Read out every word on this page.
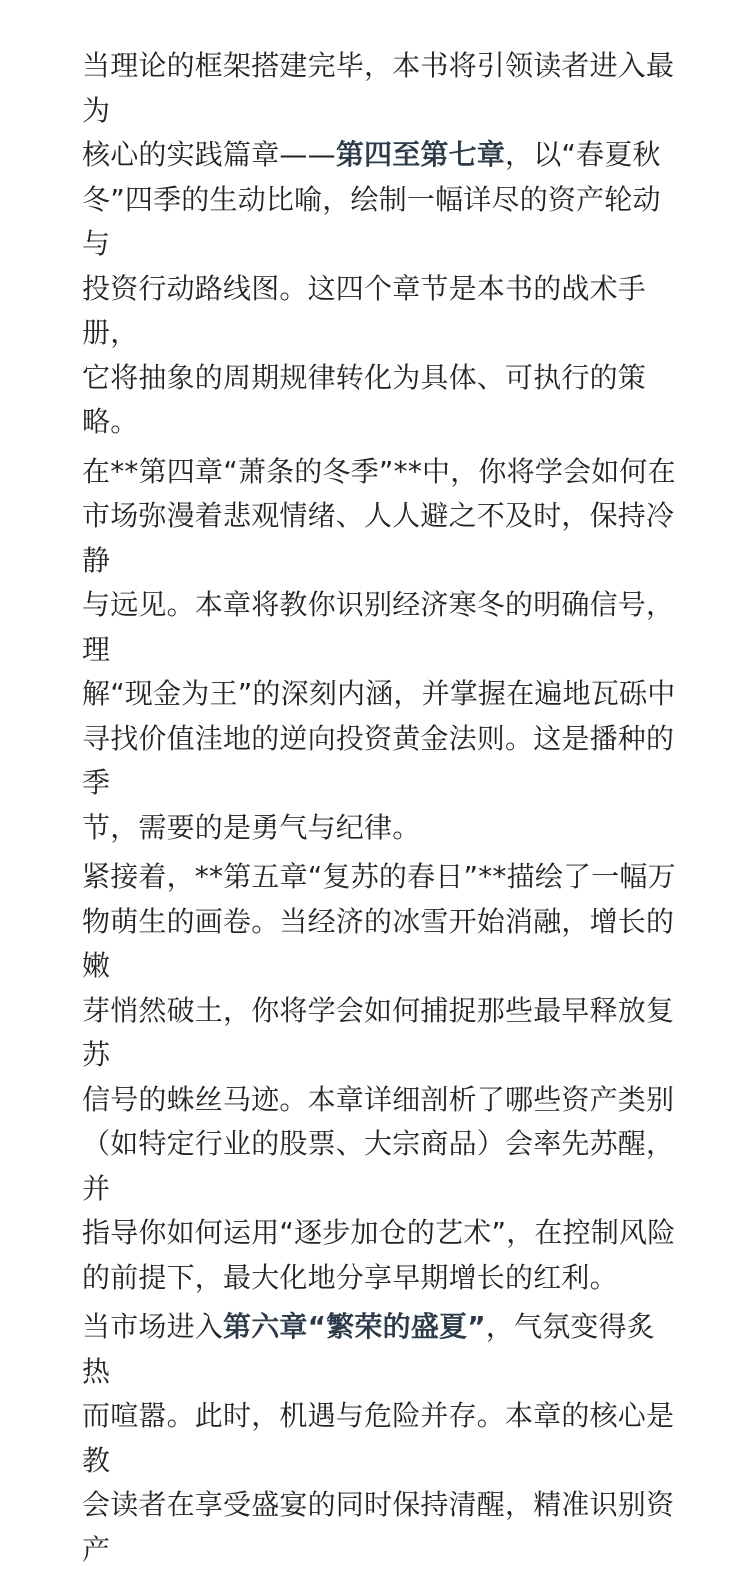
当理论的框架搭建完毕，本书将引领读者进入最为
核心的实践篇章——第四至第七章，以“春夏秋
冬”四季的生动比喻，绘制一幅详尽的资产轮动与
投资行动路线图。这四个章节是本书的战术手册，
它将抽象的周期规律转化为具体、可执行的策略。
在**第四章“萧条的冬季”**中，你将学会如何在
市场弥漫着悲观情绪、人人避之不及时，保持冷静
与远见。本章将教你识别经济寒冬的明确信号，理
解“现金为王”的深刻内涵，并掌握在遍地瓦砾中
寻找价值洼地的逆向投资黄金法则。这是播种的季
节，需要的是勇气与纪律。
紧接着，**第五章“复苏的春日”**描绘了一幅万
物萌生的画卷。当经济的冰雪开始消融，增长的嫩
芽悄然破土，你将学会如何捕捉那些最早释放复苏
信号的蛛丝马迹。本章详细剖析了哪些资产类别
（如特定行业的股票、大宗商品）会率先苏醒，并
指导你如何运用“逐步加仓的艺术”，在控制风险
的前提下，最大化地分享早期增长的红利。
当市场进入第六章“繁荣的盛夏”，气氛变得炙热
而喧嚣。此时，机遇与危险并存。本章的核心是教
会读者在享受盛宴的同时保持清醒，精准识别资产
